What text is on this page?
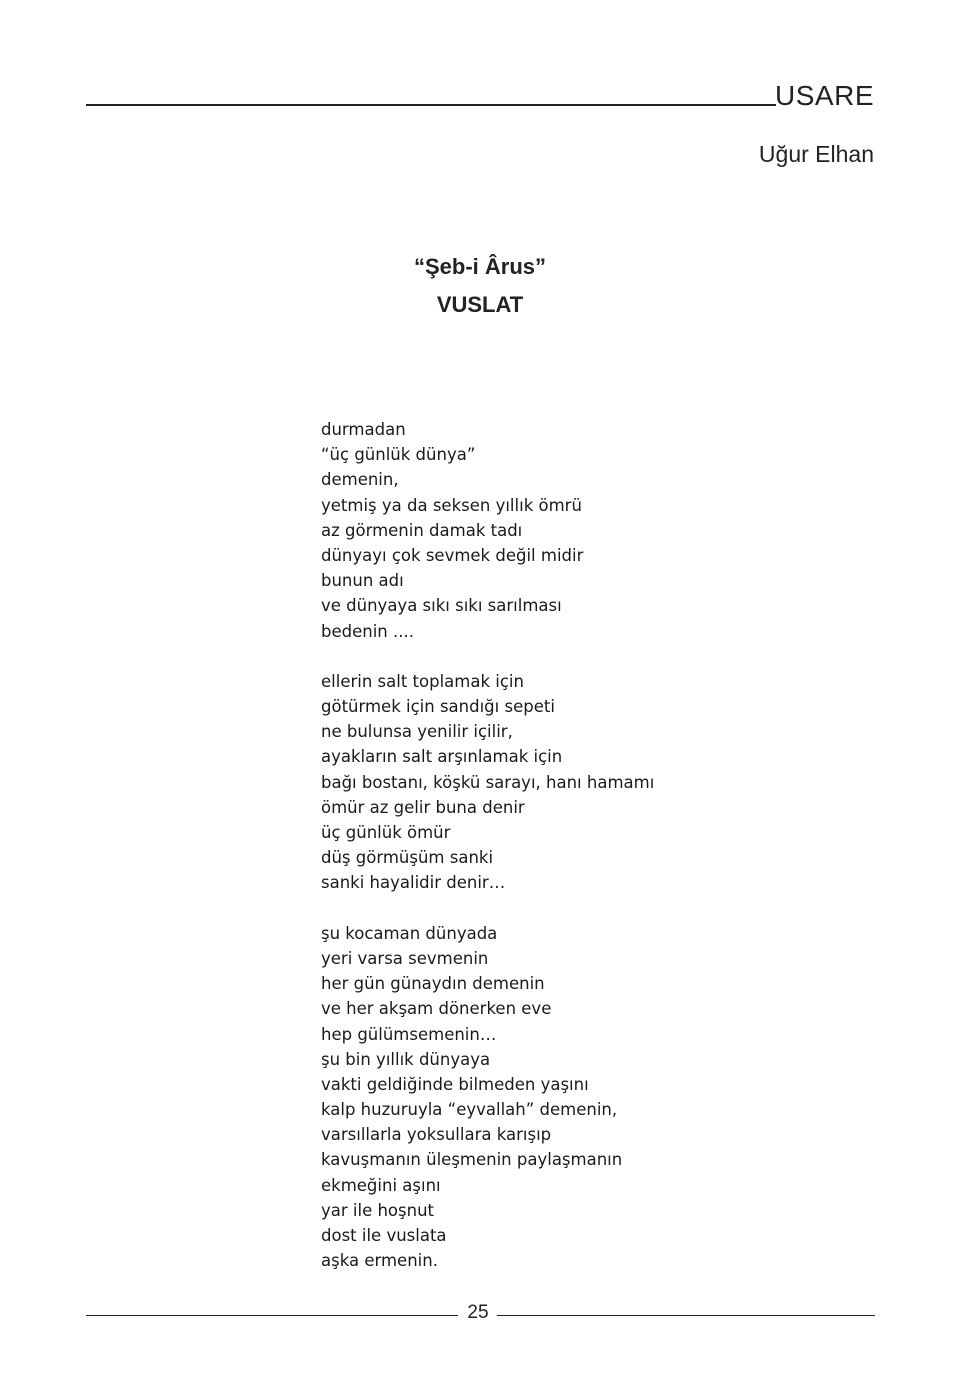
USARE
Uğur Elhan
“Şeb-i Ârus”
VUSLAT
durmadan
“üç günlük dünya”
demenin,
yetmiş ya da seksen yıllık ömrü
az görmenin damak tadı
dünyayı çok sevmek değil midir
bunun adı
ve dünyaya sıkı sıkı sarılması
bedenin ....
ellerin salt toplamak için
götürmek için sandığı sepeti
ne bulunsa yenilir içilir,
ayakların salt arşınlamak için
bağı bostanı, köşkü sarayı, hanı hamamı
ömür az gelir buna denir
üç günlük ömür
düş görmüşüm sanki
sanki hayalidir denir…
şu kocaman dünyada
yeri varsa sevmenin
her gün günaydın demenin
ve her akşam dönerken eve
hep gülümsemenin…
şu bin yıllık dünyaya
vakti geldiğinde bilmeden yaşını
kalp huzuruyla “eyvallah” demenin,
varsıllarla yoksullara karışıp
kavuşmanın üleşmenin paylaşmanın
ekmeğini aşını
yar ile hoşnut
dost ile vuslata
aşka ermenin.
25
